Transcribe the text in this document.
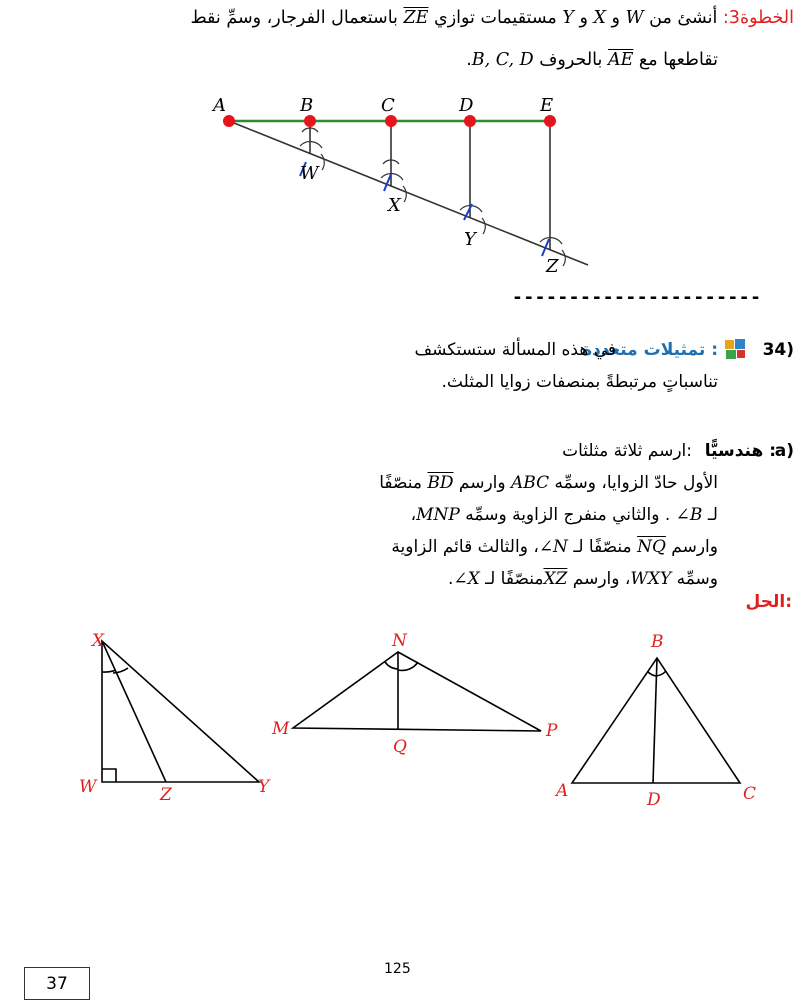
الخطوة3: أنشئ من W و X و Y مستقيمات توازي $\overline{ZE}$ باستعمال الفرجار، وسمِّ نقط
تقاطعها مع $\overline{AE}$ بالحروف B, C, D.
A	B	C	D	E
W
X
Y
Z
----------------------
34)
تمثيلات متعددة :
في هذه المسألة ستستكشف
تناسباتٍ مرتبطةً بمنصفات زوايا المثلث.
a)
هندسيًّا :
ارسم ثلاثة مثلثات:
الأول حادّ الزوايا، وسمِّه ABC وارسم $\overline{BD}$ منصّفًا
لـ ∠B . والثاني منفرج الزاوية وسمِّه MNP،
وارسم $\overline{NQ}$ منصّفًا لـ ∠N، والثالث قائم الزاوية
وسمِّه WXY، وارسم $\overline{XZ}منصّفًا$ لـ ∠X.
الحل:
X
W	Z	Y
N
M
Q
P
B
A	D	C
125
37
